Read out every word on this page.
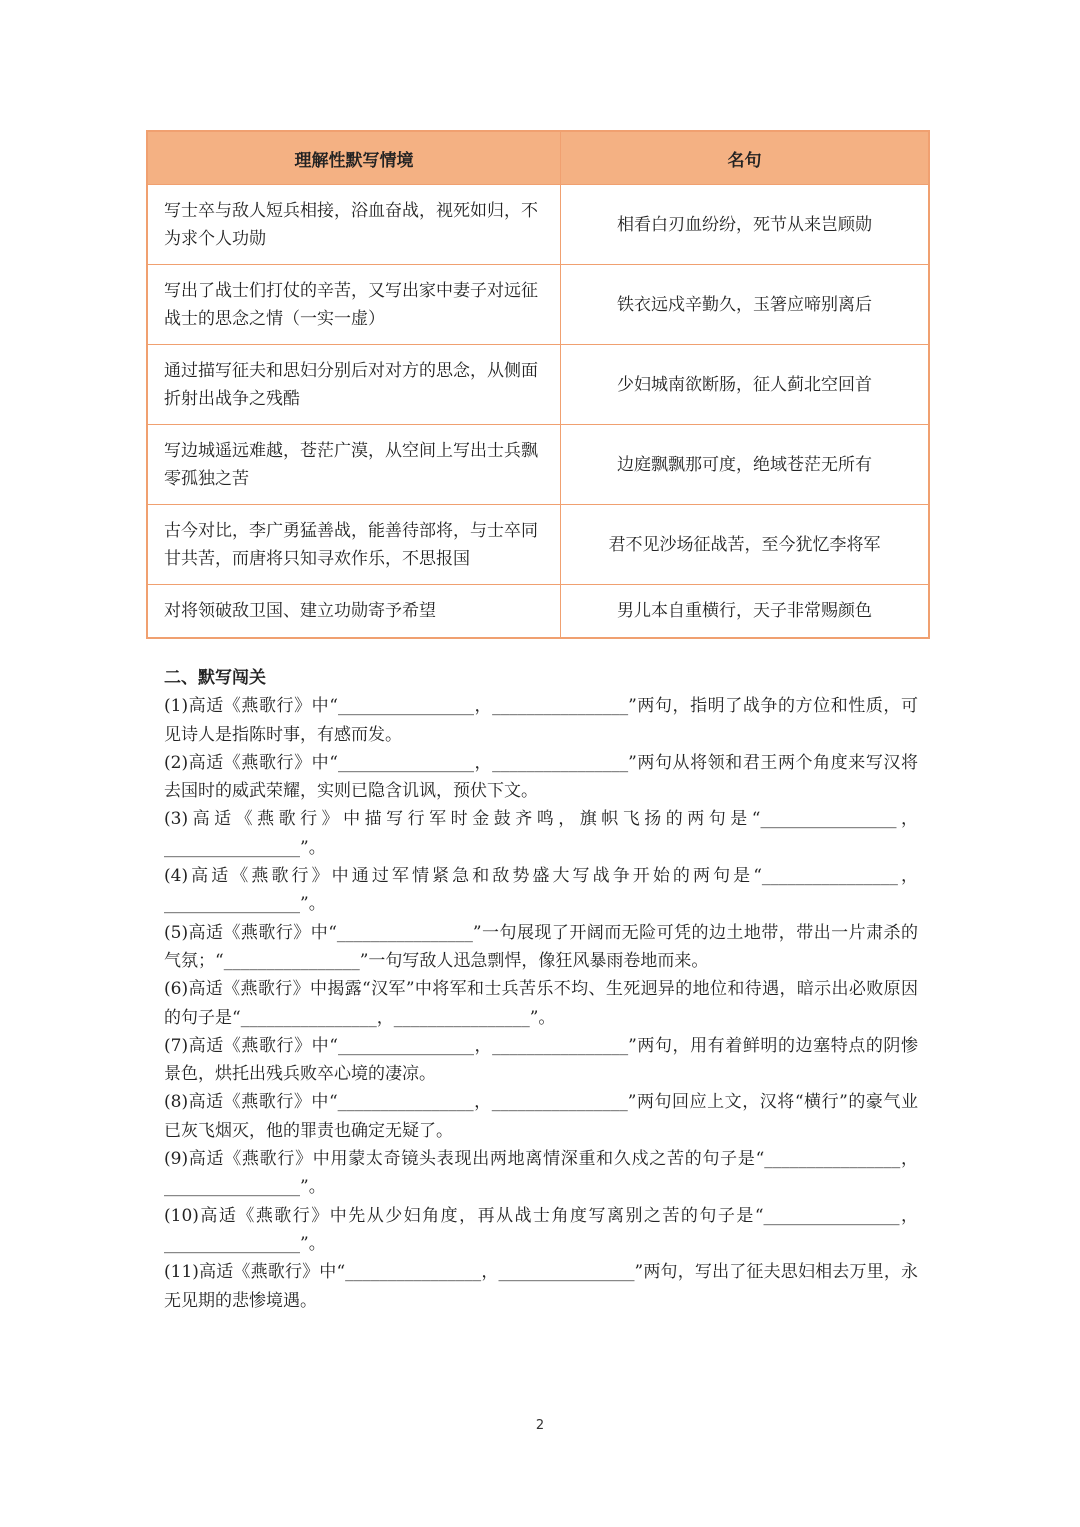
理解性默写情境	名句
写士卒与敌人短兵相接，浴血奋战，视死如归，不为求个人功勋	相看白刃血纷纷，死节从来岂顾勋
写出了战士们打仗的辛苦，又写出家中妻子对远征战士的思念之情（一实一虚）	铁衣远戍辛勤久，玉箸应啼别离后
通过描写征夫和思妇分别后对对方的思念，从侧面折射出战争之残酷	少妇城南欲断肠，征人蓟北空回首
写边城遥远难越，苍茫广漠，从空间上写出士兵飘零孤独之苦	边庭飘飘那可度，绝域苍茫无所有
古今对比，李广勇猛善战，能善待部将，与士卒同甘共苦，而唐将只知寻欢作乐，不思报国	君不见沙场征战苦，至今犹忆李将军
对将领破敌卫国、建立功勋寄予希望	男儿本自重横行，天子非常赐颜色
二、默写闯关

(1)高适《燕歌行》中“________________，________________”两句，指明了战争的方位和性质，可见诗人是指陈时事，有感而发。

(2)高适《燕歌行》中“________________，________________”两句从将领和君王两个角度来写汉将去国时的威武荣耀，实则已隐含讥讽，预伏下文。

(3)高适《燕歌行》中描写行军时金鼓齐鸣，旗帜飞扬的两句是“________________，________________”。

(4)高适《燕歌行》中通过军情紧急和敌势盛大写战争开始的两句是“________________，________________”。

(5)高适《燕歌行》中“________________”一句展现了开阔而无险可凭的边土地带，带出一片肃杀的气氛；“________________”一句写敌人迅急剽悍，像狂风暴雨卷地而来。

(6)高适《燕歌行》中揭露“汉军”中将军和士兵苦乐不均、生死迥异的地位和待遇，暗示出必败原因的句子是“________________，________________”。

(7)高适《燕歌行》中“________________，________________”两句，用有着鲜明的边塞特点的阴惨景色，烘托出残兵败卒心境的凄凉。

(8)高适《燕歌行》中“________________，________________”两句回应上文，汉将“横行”的豪气业已灰飞烟灭，他的罪责也确定无疑了。

(9)高适《燕歌行》中用蒙太奇镜头表现出两地离情深重和久戍之苦的句子是“________________，________________”。

(10)高适《燕歌行》中先从少妇角度，再从战士角度写离别之苦的句子是“________________，________________”。

(11)高适《燕歌行》中“________________，________________”两句，写出了征夫思妇相去万里，永无见期的悲惨境遇。

2
